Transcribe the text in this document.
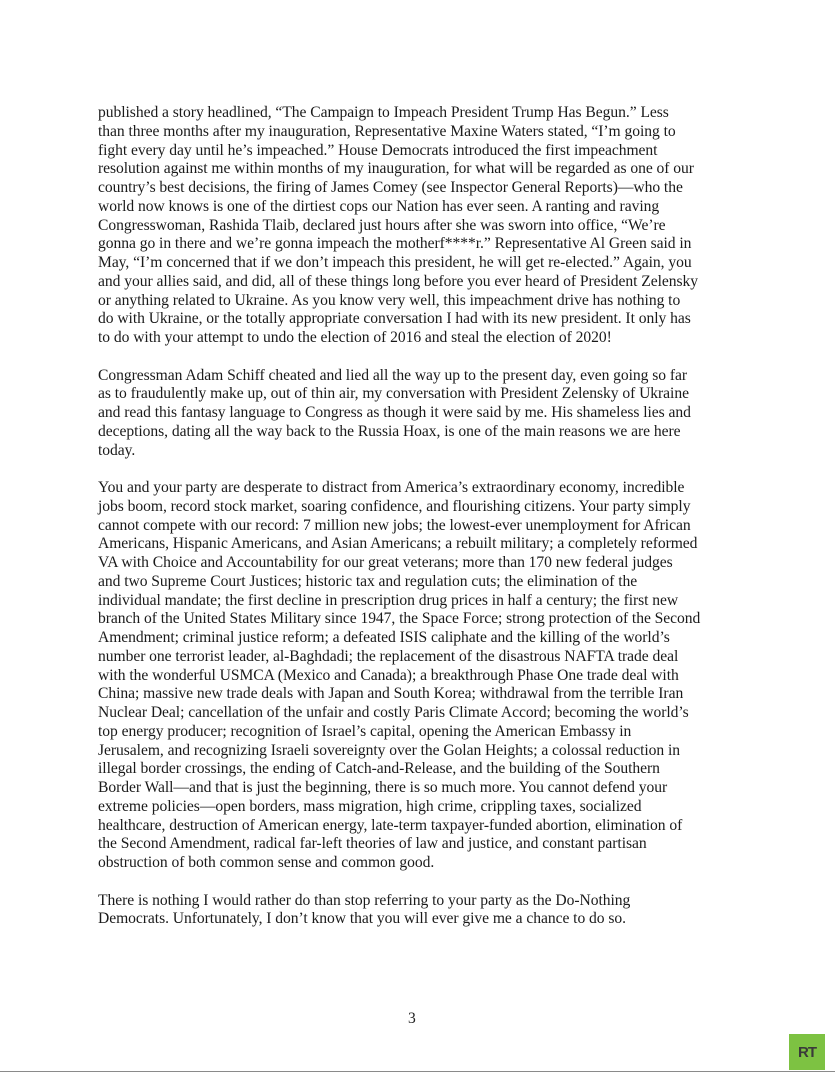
published a story headlined, “The Campaign to Impeach President Trump Has Begun.” Less
than three months after my inauguration, Representative Maxine Waters stated, “I’m going to
fight every day until he’s impeached.” House Democrats introduced the first impeachment
resolution against me within months of my inauguration, for what will be regarded as one of our
country’s best decisions, the firing of James Comey (see Inspector General Reports)—who the
world now knows is one of the dirtiest cops our Nation has ever seen. A ranting and raving
Congresswoman, Rashida Tlaib, declared just hours after she was sworn into office, “We’re
gonna go in there and we’re gonna impeach the motherf****r.” Representative Al Green said in
May, “I’m concerned that if we don’t impeach this president, he will get re-elected.” Again, you
and your allies said, and did, all of these things long before you ever heard of President Zelensky
or anything related to Ukraine. As you know very well, this impeachment drive has nothing to
do with Ukraine, or the totally appropriate conversation I had with its new president. It only has
to do with your attempt to undo the election of 2016 and steal the election of 2020!

Congressman Adam Schiff cheated and lied all the way up to the present day, even going so far
as to fraudulently make up, out of thin air, my conversation with President Zelensky of Ukraine
and read this fantasy language to Congress as though it were said by me. His shameless lies and
deceptions, dating all the way back to the Russia Hoax, is one of the main reasons we are here
today.

You and your party are desperate to distract from America’s extraordinary economy, incredible
jobs boom, record stock market, soaring confidence, and flourishing citizens. Your party simply
cannot compete with our record: 7 million new jobs; the lowest-ever unemployment for African
Americans, Hispanic Americans, and Asian Americans; a rebuilt military; a completely reformed
VA with Choice and Accountability for our great veterans; more than 170 new federal judges
and two Supreme Court Justices; historic tax and regulation cuts; the elimination of the
individual mandate; the first decline in prescription drug prices in half a century; the first new
branch of the United States Military since 1947, the Space Force; strong protection of the Second
Amendment; criminal justice reform; a defeated ISIS caliphate and the killing of the world’s
number one terrorist leader, al-Baghdadi; the replacement of the disastrous NAFTA trade deal
with the wonderful USMCA (Mexico and Canada); a breakthrough Phase One trade deal with
China; massive new trade deals with Japan and South Korea; withdrawal from the terrible Iran
Nuclear Deal; cancellation of the unfair and costly Paris Climate Accord; becoming the world’s
top energy producer; recognition of Israel’s capital, opening the American Embassy in
Jerusalem, and recognizing Israeli sovereignty over the Golan Heights; a colossal reduction in
illegal border crossings, the ending of Catch-and-Release, and the building of the Southern
Border Wall—and that is just the beginning, there is so much more. You cannot defend your
extreme policies—open borders, mass migration, high crime, crippling taxes, socialized
healthcare, destruction of American energy, late-term taxpayer-funded abortion, elimination of
the Second Amendment, radical far-left theories of law and justice, and constant partisan
obstruction of both common sense and common good.

There is nothing I would rather do than stop referring to your party as the Do-Nothing
Democrats. Unfortunately, I don’t know that you will ever give me a chance to do so.

3
RT
